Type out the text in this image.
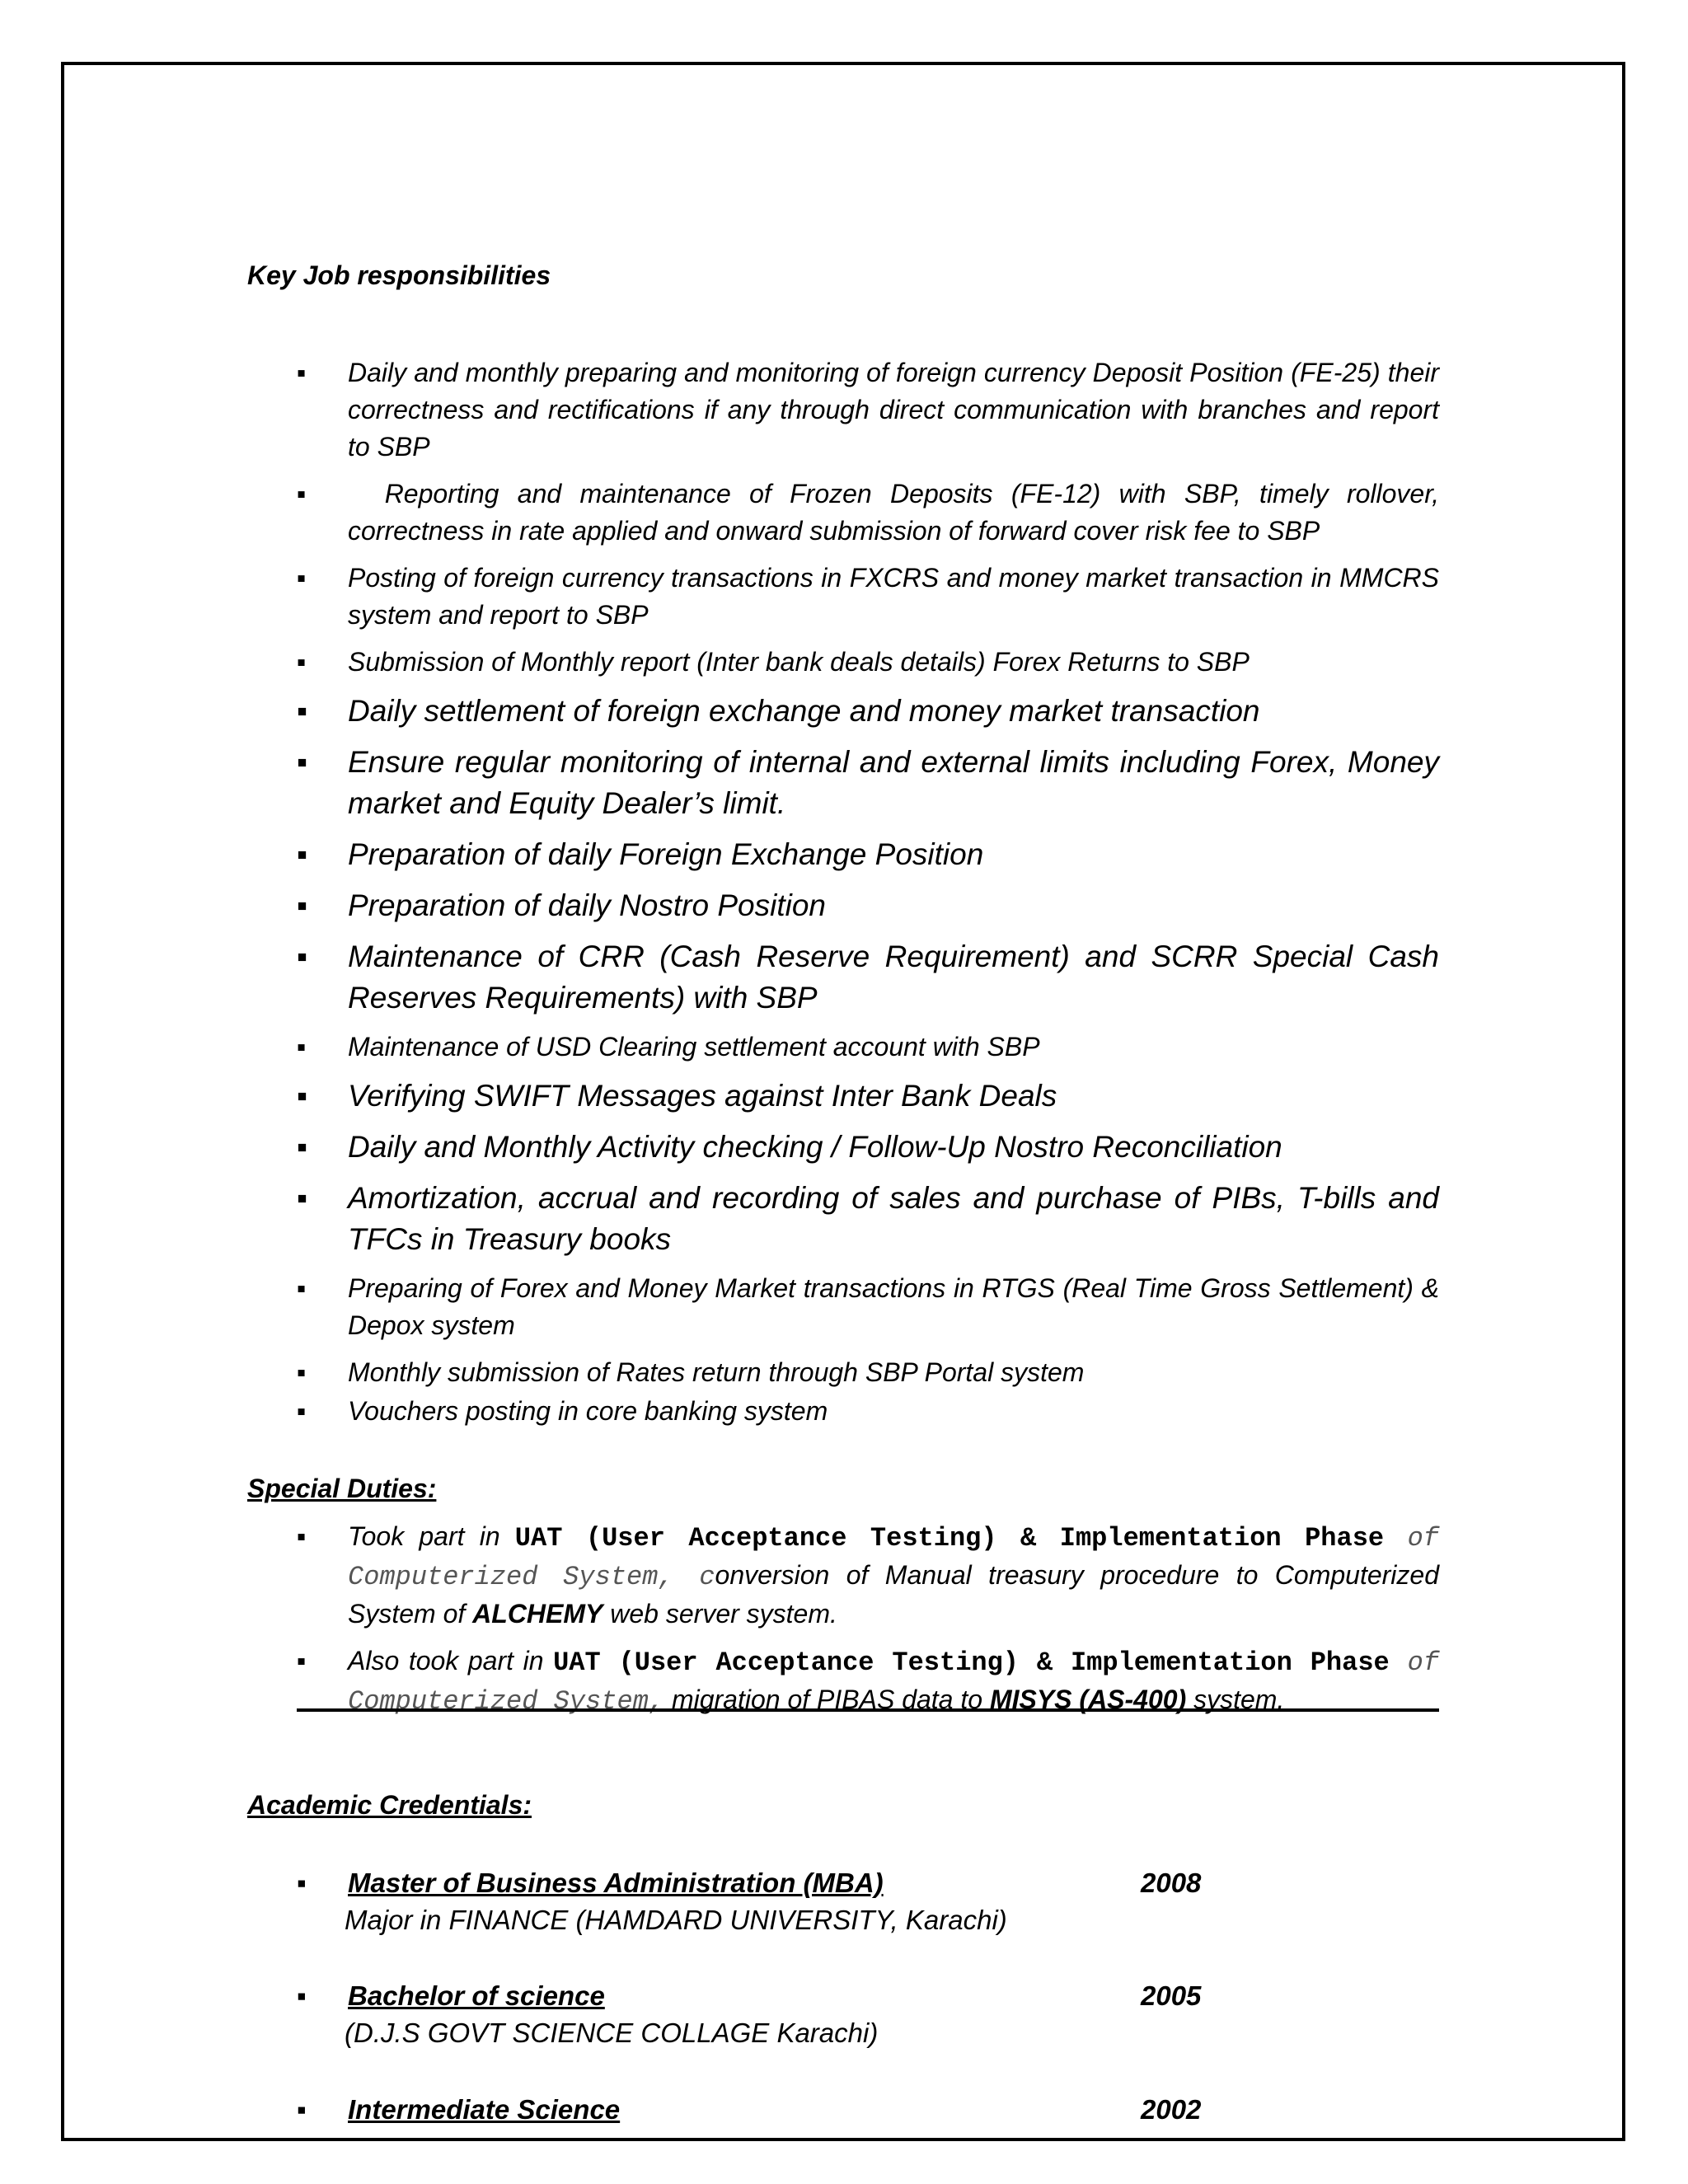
Key Job responsibilities
▪ Daily and monthly preparing and monitoring of foreign currency Deposit Position (FE-25) their correctness and rectifications if any through direct communication with branches and report to SBP
▪	Reporting and maintenance of Frozen Deposits (FE-12) with SBP, timely rollover, correctness in rate applied and onward submission of forward cover risk fee to SBP
▪ Posting of foreign currency transactions in FXCRS and money market transaction in MMCRS system and report to SBP
▪ Submission of Monthly report (Inter bank deals details) Forex Returns to SBP
▪ Daily settlement of foreign exchange and money market transaction
▪ Ensure regular monitoring of internal and external limits including Forex, Money market and Equity Dealer’s limit.
▪ Preparation of daily Foreign Exchange Position
▪ Preparation of daily Nostro Position
▪ Maintenance of CRR (Cash Reserve Requirement) and SCRR Special Cash Reserves Requirements) with SBP
▪ Maintenance of USD Clearing settlement account with SBP
▪ Verifying SWIFT Messages against Inter Bank Deals
▪ Daily and Monthly Activity checking / Follow-Up Nostro Reconciliation
▪ Amortization, accrual and recording of sales and purchase of PIBs, T-bills and TFCs in Treasury books
▪ Preparing of Forex and Money Market transactions in RTGS (Real Time Gross Settlement) & Depox system
▪ Monthly submission of Rates return through SBP Portal system
▪ Vouchers posting in core banking system
Special Duties:
▪ Took part in UAT (User Acceptance Testing) & Implementation Phase of Computerized System, conversion of Manual treasury procedure to Computerized System of ALCHEMY web server system.
▪ Also took part in UAT (User Acceptance Testing) & Implementation Phase of Computerized System, migration of PIBAS data to MISYS (AS-400) system.
Academic Credentials:
▪ Master of Business Administration (MBA)	2008
Major in FINANCE (HAMDARD UNIVERSITY, Karachi)
▪ Bachelor of science	2005
(D.J.S GOVT SCIENCE COLLAGE Karachi)
▪ Intermediate Science	2002
